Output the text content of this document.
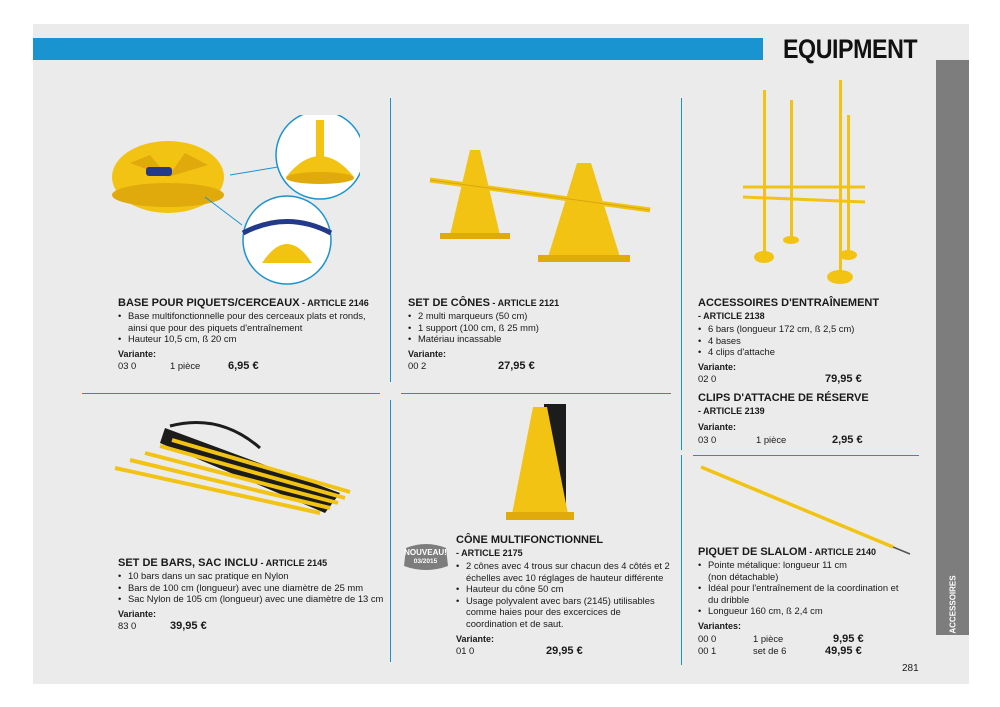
EQUIPMENT
ACCESSOIRES
NOUVEAU!
03/2015
BASE POUR PIQUETS/CERCEAUX - ARTICLE 2146
• Base multifonctionnelle pour des cerceaux plats et ronds,
ainsi que pour des piquets d'entraînement
• Hauteur 10,5 cm, ß 20 cm
Variante:
03 0	1 pièce	6,95 €
SET DE CÔNES - ARTICLE 2121
• 2 multi marqueurs (50 cm)
• 1 support (100 cm, ß 25 mm)
• Matériau incassable
Variante:
00 2	27,95 €
ACCESSOIRES D'ENTRAÎNEMENT
- ARTICLE 2138
• 6 bars (longueur 172 cm, ß 2,5 cm)
• 4 bases
• 4 clips d'attache
Variante:
02 0	79,95 €
CLIPS D'ATTACHE DE RÉSERVE
- ARTICLE 2139
Variante:
03 0	1 pièce	2,95 €
SET DE BARS, SAC INCLU - ARTICLE 2145
• 10 bars dans un sac pratique en Nylon
• Bars de 100 cm (longueur) avec une diamètre de 25 mm
• Sac Nylon de 105 cm (longueur) avec une diamètre de 13 cm
Variante:
83 0	39,95 €
CÔNE MULTIFONCTIONNEL
- ARTICLE 2175
• 2 cônes avec 4 trous sur chacun des 4 côtés et 2
échelles avec 10 réglages de hauteur différente
• Hauteur du cône 50 cm
• Usage polyvalent avec bars (2145) utilisables
comme haies pour des excercices de
coordination et de saut.
Variante:
01 0	29,95 €
PIQUET DE SLALOM - ARTICLE 2140
• Pointe métalique: longueur 11 cm
(non détachable)
• Idéal pour l'entraînement de la coordination et
du dribble
• Longueur 160 cm, ß 2,4 cm
Variantes:
00 0	1 pièce	9,95 €
00 1	set de 6	49,95 €
281
